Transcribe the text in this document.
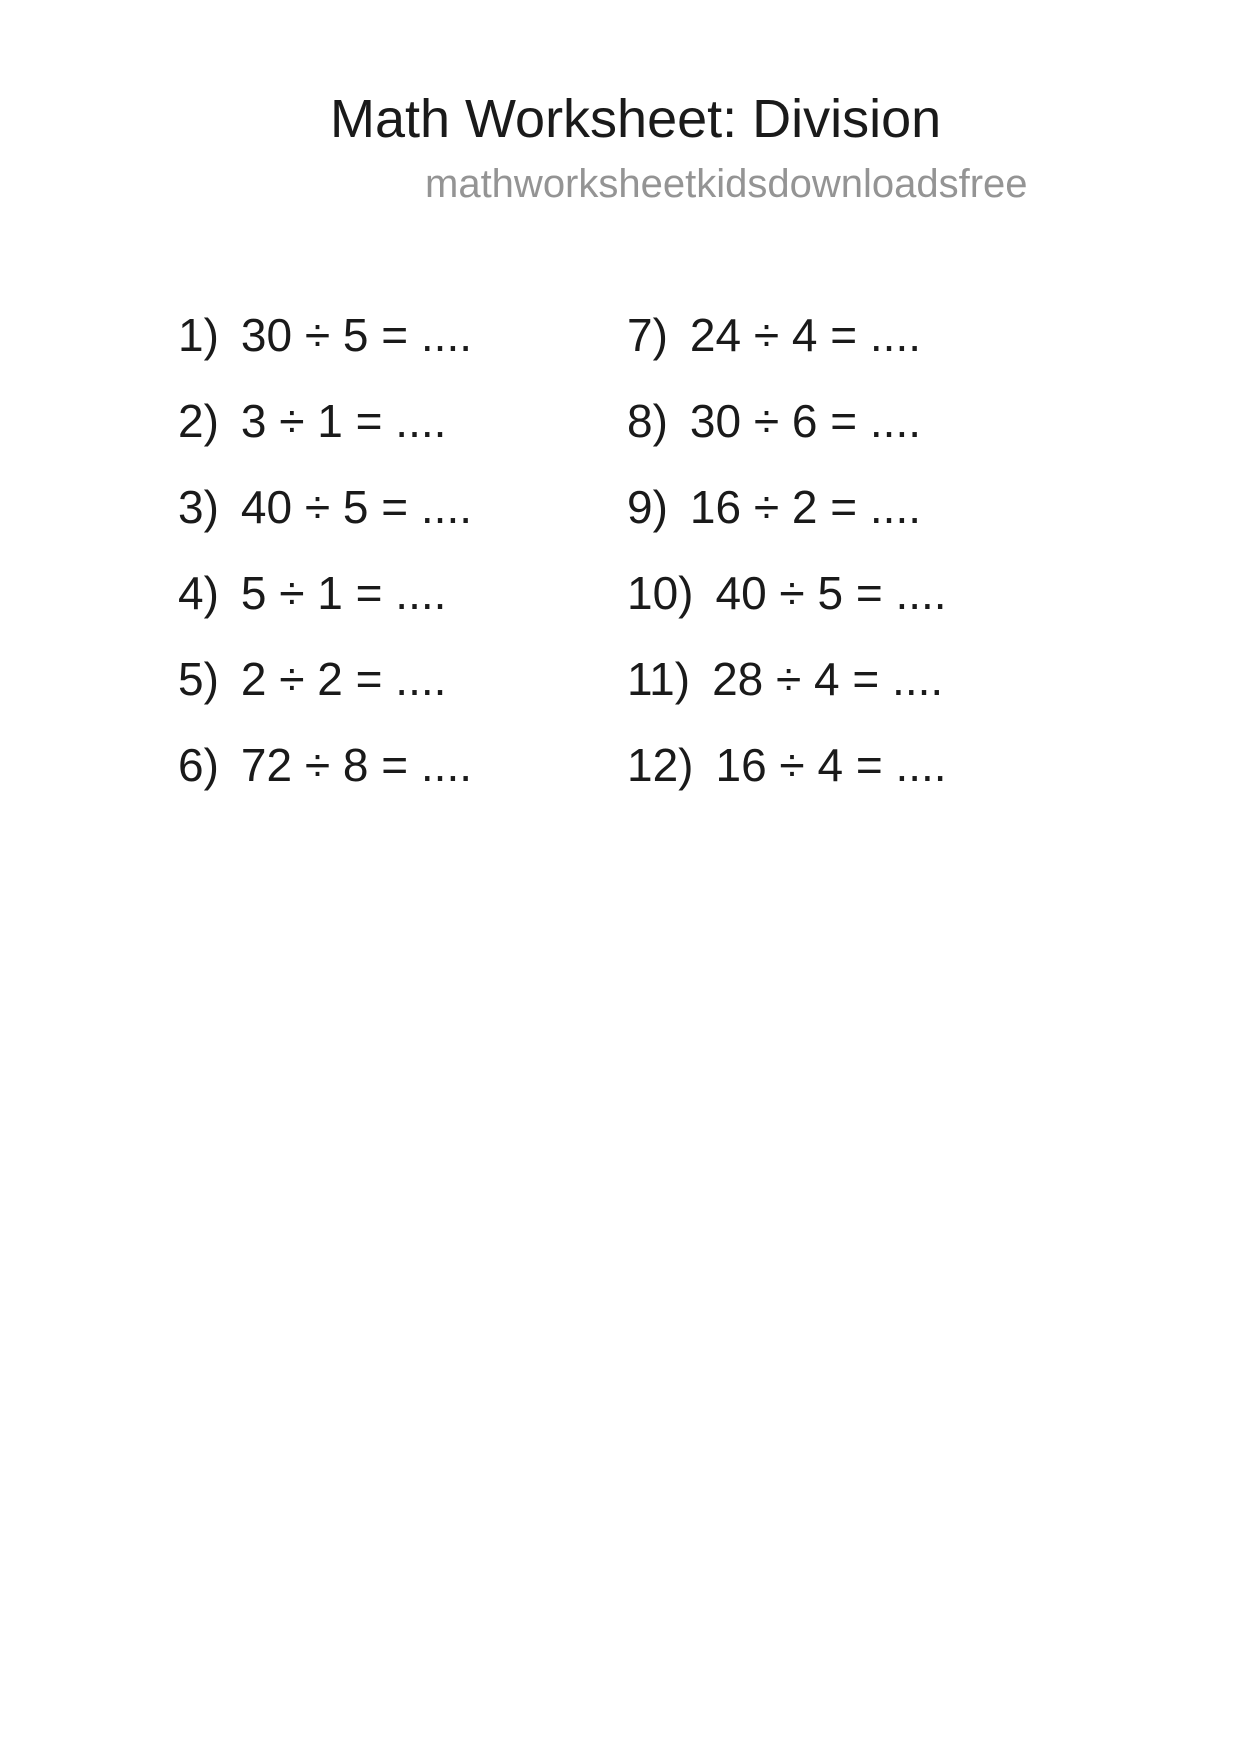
Math Worksheet: Division
mathworksheetkidsdownloadsfree
1) 30 ÷ 5 = ....
2) 3 ÷ 1 = ....
3) 40 ÷ 5 = ....
4) 5 ÷ 1 = ....
5) 2 ÷ 2 = ....
6) 72 ÷ 8 = ....
7) 24 ÷ 4 = ....
8) 30 ÷ 6 = ....
9) 16 ÷ 2 = ....
10) 40 ÷ 5 = ....
11) 28 ÷ 4 = ....
12) 16 ÷ 4 = ....
